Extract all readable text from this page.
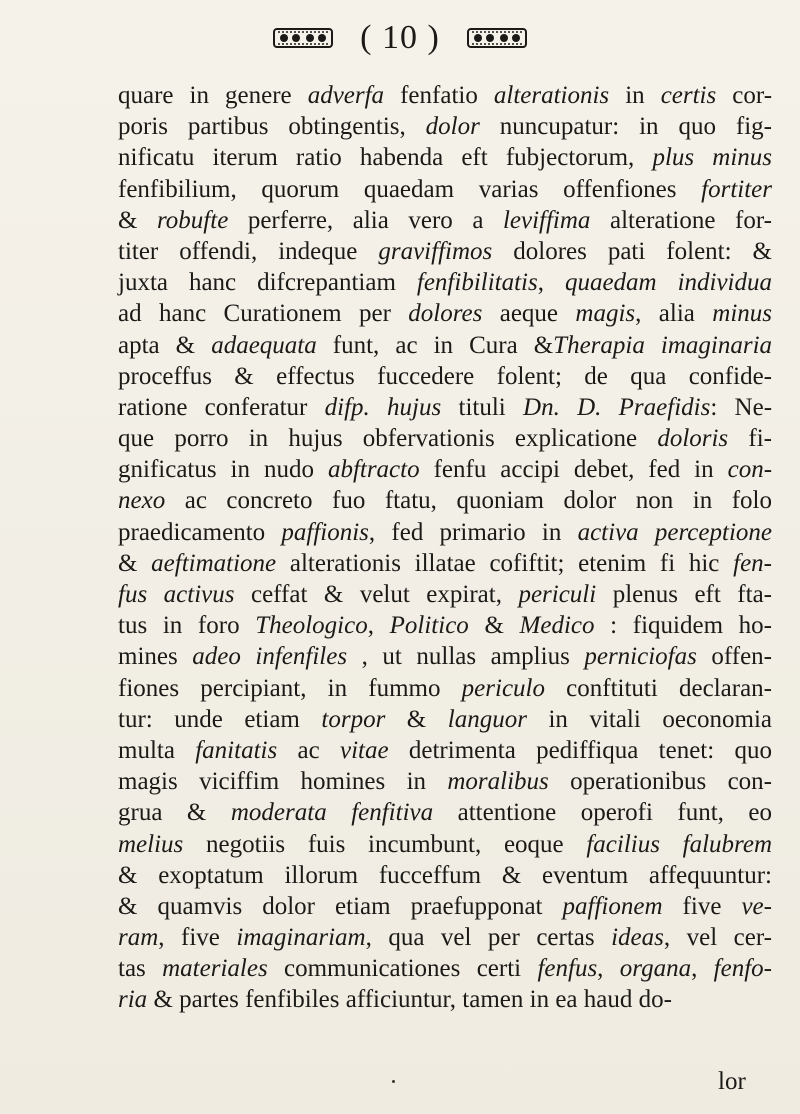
( 10 )
quare in genere adverfa fenfatio alterationis in certis cor-
poris partibus obtingentis, dolor nuncupatur: in quo fig-
nificatu iterum ratio habenda eft fubjectorum, plus minus
fenfibilium, quorum quaedam varias offenfiones fortiter
& robufte perferre, alia vero a leviffima alteratione for-
titer offendi, indeque graviffimos dolores pati folent: &
juxta hanc difcrepantiam fenfibilitatis, quaedam individua
ad hanc Curationem per dolores aeque magis, alia minus
apta & adaequata funt, ac in Cura &Therapia imaginaria
proceffus & effectus fuccedere folent; de qua confide-
ratione conferatur difp. hujus tituli Dn. D. Praefidis: Ne-
que porro in hujus obfervationis explicatione doloris fi-
gnificatus in nudo abftracto fenfu accipi debet, fed in con-
nexo ac concreto fuo ftatu, quoniam dolor non in folo
praedicamento paffionis, fed primario in activa perceptione
& aeftimatione alterationis illatae cofiftit; etenim fi hic fen-
fus activus ceffat & velut expirat, periculi plenus eft fta-
tus in foro Theologico, Politico & Medico : fiquidem ho-
mines adeo infenfiles , ut nullas amplius perniciofas offen-
fiones percipiant, in fummo periculo conftituti declaran-
tur: unde etiam torpor & languor in vitali oeconomia
multa fanitatis ac vitae detrimenta pediffiqua tenet: quo
magis viciffim homines in moralibus operationibus con-
grua & moderata fenfitiva attentione operofi funt, eo
melius negotiis fuis incumbunt, eoque facilius falubrem
& exoptatum illorum fucceffum & eventum affequuntur:
& quamvis dolor etiam praefupponat paffionem five ve-
ram, five imaginariam, qua vel per certas ideas, vel cer-
tas materiales communicationes certi fenfus, organa, fenfo-
ria & partes fenfibiles afficiuntur, tamen in ea haud do-
lor
